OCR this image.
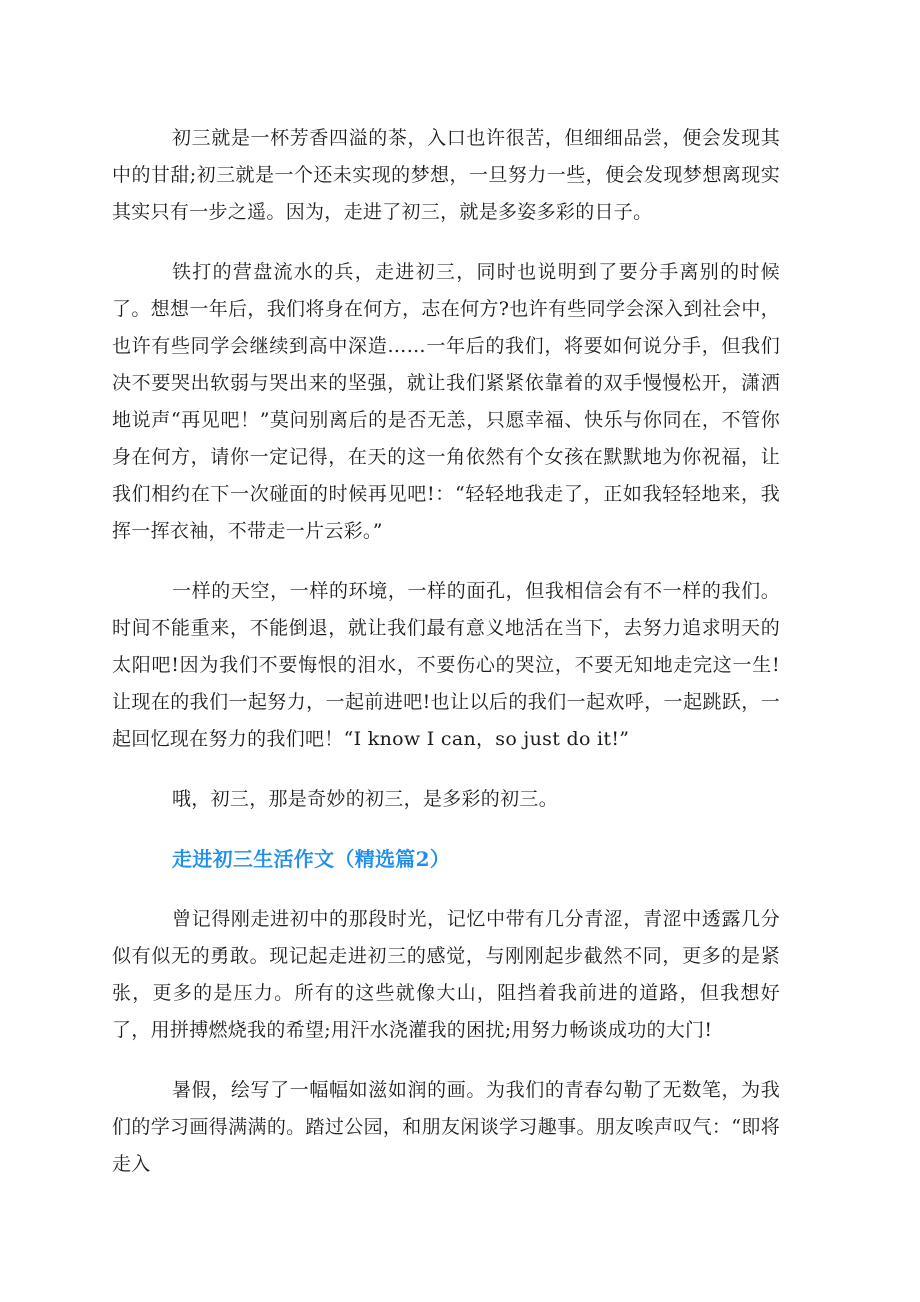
初三就是一杯芳香四溢的茶，入口也许很苦，但细细品尝，便会发现其中的甘甜;初三就是一个还未实现的梦想，一旦努力一些，便会发现梦想离现实其实只有一步之遥。因为，走进了初三，就是多姿多彩的日子。

铁打的营盘流水的兵，走进初三，同时也说明到了要分手离别的时候了。想想一年后，我们将身在何方，志在何方?也许有些同学会深入到社会中，也许有些同学会继续到高中深造……一年后的我们，将要如何说分手，但我们决不要哭出软弱与哭出来的坚强，就让我们紧紧依靠着的双手慢慢松开，潇洒地说声“再见吧！”莫问别离后的是否无恙，只愿幸福、快乐与你同在，不管你身在何方，请你一定记得，在天的这一角依然有个女孩在默默地为你祝福，让我们相约在下一次碰面的时候再见吧!：“轻轻地我走了，正如我轻轻地来，我挥一挥衣袖，不带走一片云彩。”

一样的天空，一样的环境，一样的面孔，但我相信会有不一样的我们。时间不能重来，不能倒退，就让我们最有意义地活在当下，去努力追求明天的太阳吧!因为我们不要悔恨的泪水，不要伤心的哭泣，不要无知地走完这一生!让现在的我们一起努力，一起前进吧!也让以后的我们一起欢呼，一起跳跃，一起回忆现在努力的我们吧！“I know I can，so just do it!”

哦，初三，那是奇妙的初三，是多彩的初三。

走进初三生活作文（精选篇2）

曾记得刚走进初中的那段时光，记忆中带有几分青涩，青涩中透露几分似有似无的勇敢。现记起走进初三的感觉，与刚刚起步截然不同，更多的是紧张，更多的是压力。所有的这些就像大山，阻挡着我前进的道路，但我想好了，用拼搏燃烧我的希望;用汗水浇灌我的困扰;用努力畅谈成功的大门!

暑假，绘写了一幅幅如滋如润的画。为我们的青春勾勒了无数笔，为我们的学习画得满满的。踏过公园，和朋友闲谈学习趣事。朋友唉声叹气：“即将走入
